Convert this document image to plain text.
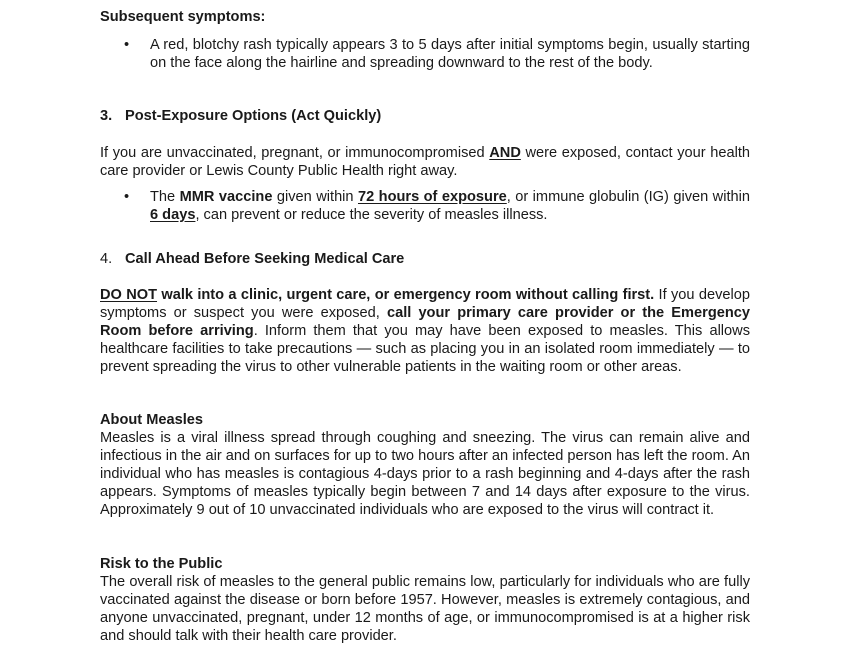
Subsequent symptoms:

• A red, blotchy rash typically appears 3 to 5 days after initial symptoms begin, usually starting on the face along the hairline and spreading downward to the rest of the body.

3. Post-Exposure Options (Act Quickly)

If you are unvaccinated, pregnant, or immunocompromised AND were exposed, contact your health care provider or Lewis County Public Health right away.

• The MMR vaccine given within 72 hours of exposure, or immune globulin (IG) given within 6 days, can prevent or reduce the severity of measles illness.

4. Call Ahead Before Seeking Medical Care

DO NOT walk into a clinic, urgent care, or emergency room without calling first. If you develop symptoms or suspect you were exposed, call your primary care provider or the Emergency Room before arriving. Inform them that you may have been exposed to measles. This allows healthcare facilities to take precautions — such as placing you in an isolated room immediately — to prevent spreading the virus to other vulnerable patients in the waiting room or other areas.

About Measles

Measles is a viral illness spread through coughing and sneezing. The virus can remain alive and infectious in the air and on surfaces for up to two hours after an infected person has left the room. An individual who has measles is contagious 4-days prior to a rash beginning and 4-days after the rash appears. Symptoms of measles typically begin between 7 and 14 days after exposure to the virus. Approximately 9 out of 10 unvaccinated individuals who are exposed to the virus will contract it.

Risk to the Public

The overall risk of measles to the general public remains low, particularly for individuals who are fully vaccinated against the disease or born before 1957. However, measles is extremely contagious, and anyone unvaccinated, pregnant, under 12 months of age, or immunocompromised is at a higher risk and should talk with their health care provider.
